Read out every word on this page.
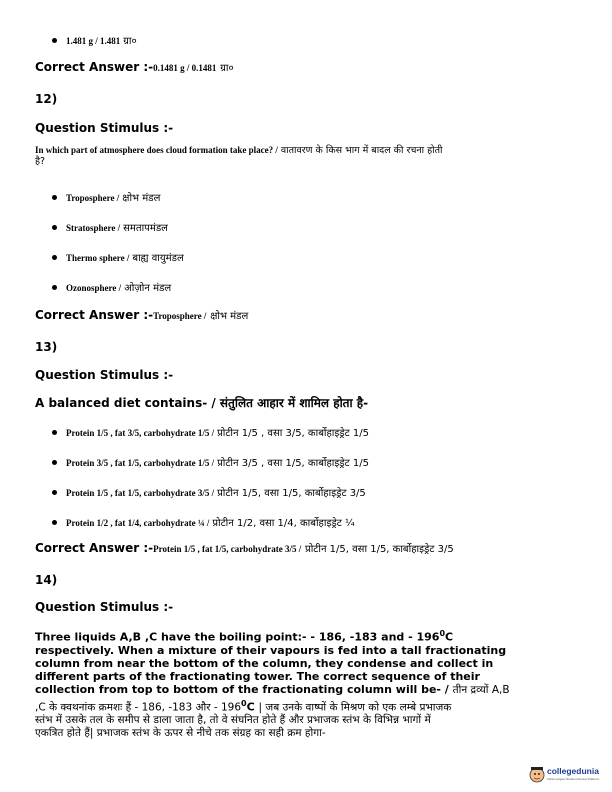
1.481 g / 1.481 ग्रा०
Correct Answer :-0.1481 g / 0.1481 ग्रा०
12)
Question Stimulus :-
In which part of atmosphere does cloud formation take place? / वातावरण के किस भाग में बादल की रचना होती
है?
Troposphere / क्षोभ मंडल
Stratosphere / समतापमंडल
Thermo sphere / बाह्य वायुमंडल
Ozonosphere / ओज़ोन मंडल
Correct Answer :-Troposphere / क्षोभ मंडल
13)
Question Stimulus :-
A balanced diet contains- / संतुलित आहार में शामिल होता है-
Protein 1/5 , fat 3/5, carbohydrate 1/5 / प्रोटीन 1/5 , वसा 3/5, कार्बोहाइड्रेट 1/5
Protein 3/5 , fat 1/5, carbohydrate 1/5 / प्रोटीन 3/5 , वसा 1/5, कार्बोहाइड्रेट 1/5
Protein 1/5 , fat 1/5, carbohydrate 3/5 / प्रोटीन 1/5, वसा 1/5, कार्बोहाइड्रेट 3/5
Protein 1/2 , fat 1/4, carbohydrate ¼ / प्रोटीन 1/2, वसा 1/4, कार्बोहाइड्रेट ¼
Correct Answer :-Protein 1/5 , fat 1/5, carbohydrate 3/5 / प्रोटीन 1/5, वसा 1/5, कार्बोहाइड्रेट 3/5
14)
Question Stimulus :-
Three liquids A,B ,C have the boiling point:- - 186, -183 and - $196^0C$
respectively. When a mixture of their vapours is fed into a tall fractionating
column from near the bottom of the column, they condense and collect in
different parts of the fractionating tower. The correct sequence of their
collection from top to bottom of the fractionating column will be- / तीन द्रव्यों A,B
,C के क्वथनांक क्रमशः हैं - 186, -183 और - $196^0C$ | जब उनके वाष्पों के मिश्रण को एक लम्बे प्रभाजक
स्तंभ में उसके तल के समीप से डाला जाता है, तो वे संघनित होते हैं और प्रभाजक स्तंभ के विभिन्न भागों में
एकत्रित होते हैं| प्रभाजक स्तंभ के ऊपर से नीचे तक संग्रह का सही क्रम होगा-
collegedunia
India's largest Student Review Platform
